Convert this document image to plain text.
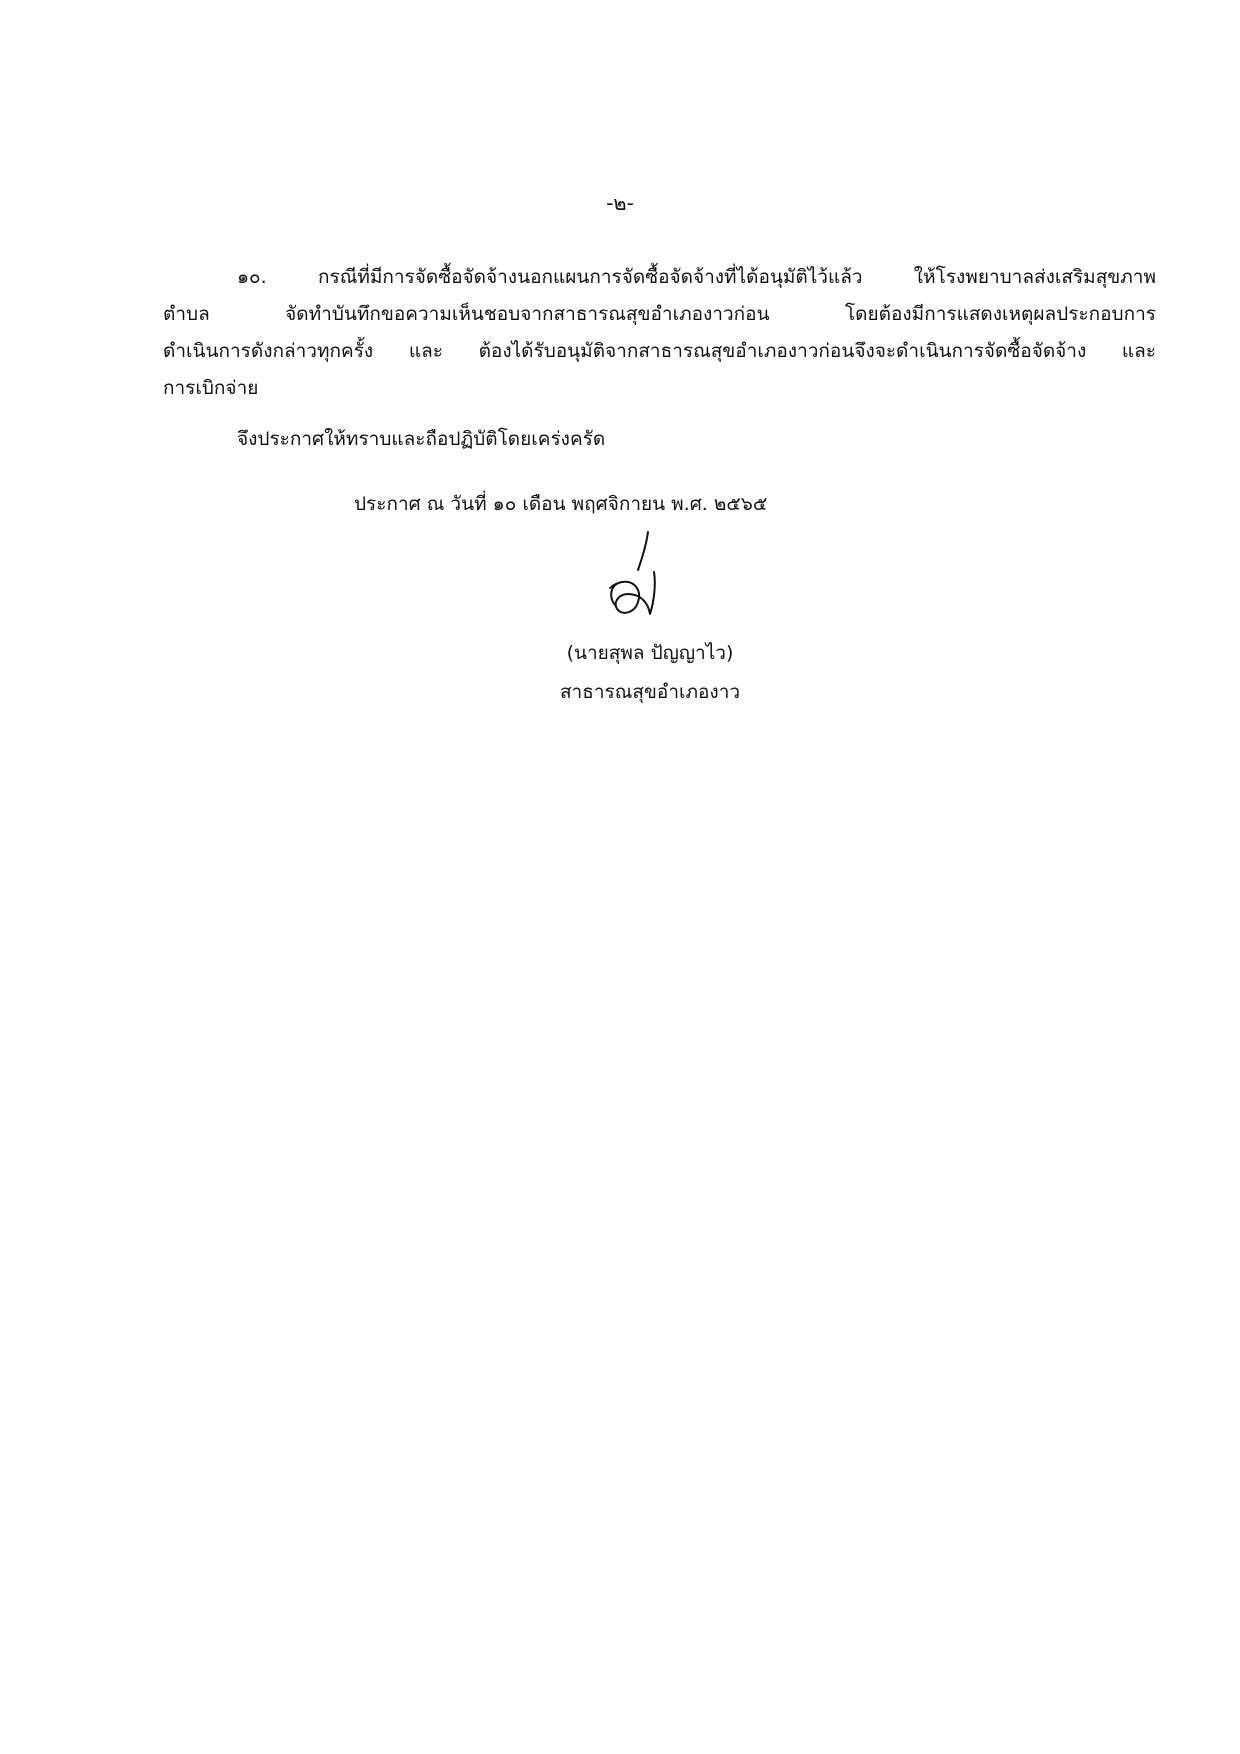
-๒-
๑๐. กรณีที่มีการจัดซื้อจัดจ้างนอกแผนการจัดซื้อจัดจ้างที่ได้อนุมัติไว้แล้ว ให้โรงพยาบาลส่งเสริมสุขภาพ
ตำบล จัดทำบันทึกขอความเห็นชอบจากสาธารณสุขอำเภองาวก่อน โดยต้องมีการแสดงเหตุผลประกอบการ
ดำเนินการดังกล่าวทุกครั้ง และ ต้องได้รับอนุมัติจากสาธารณสุขอำเภองาวก่อนจึงจะดำเนินการจัดซื้อจัดจ้าง และ
การเบิกจ่าย
จึงประกาศให้ทราบและถือปฏิบัติโดยเคร่งครัด
ประกาศ ณ วันที่ ๑๐ เดือน พฤศจิกายน พ.ศ. ๒๕๖๕
(นายสุพล ปัญญาไว)
สาธารณสุขอำเภองาว
